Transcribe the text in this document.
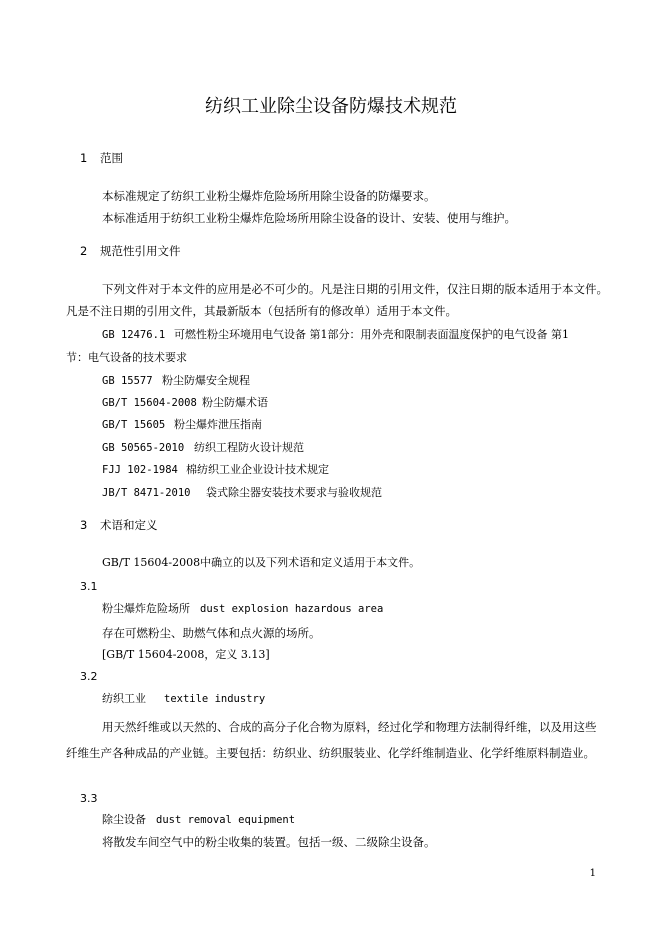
纺织工业除尘设备防爆技术规范
1 范围
本标准规定了纺织工业粉尘爆炸危险场所用除尘设备的防爆要求。
本标准适用于纺织工业粉尘爆炸危险场所用除尘设备的设计、安装、使用与维护。
2 规范性引用文件
下列文件对于本文件的应用是必不可少的。凡是注日期的引用文件，仅注日期的版本适用于本文件。
凡是不注日期的引用文件，其最新版本（包括所有的修改单）适用于本文件。
GB 12476.1 可燃性粉尘环境用电气设备 第1部分：用外壳和限制表面温度保护的电气设备 第1
节：电气设备的技术要求
GB 15577 粉尘防爆安全规程
GB/T 15604-2008 粉尘防爆术语
GB/T 15605 粉尘爆炸泄压指南
GB 50565-2010 纺织工程防火设计规范
FJJ 102-1984 棉纺织工业企业设计技术规定
JB/T 8471-2010 袋式除尘器安装技术要求与验收规范
3 术语和定义
GB/T 15604-2008中确立的以及下列术语和定义适用于本文件。
3.1
粉尘爆炸危险场所 dust explosion hazardous area
存在可燃粉尘、助燃气体和点火源的场所。
[GB/T 15604-2008，定义 3.13]
3.2
纺织工业 textile industry
用天然纤维或以天然的、合成的高分子化合物为原料，经过化学和物理方法制得纤维，以及用这些
纤维生产各种成品的产业链。主要包括：纺织业、纺织服装业、化学纤维制造业、化学纤维原料制造业。
3.3
除尘设备 dust removal equipment
将散发车间空气中的粉尘收集的装置。包括一级、二级除尘设备。
1
